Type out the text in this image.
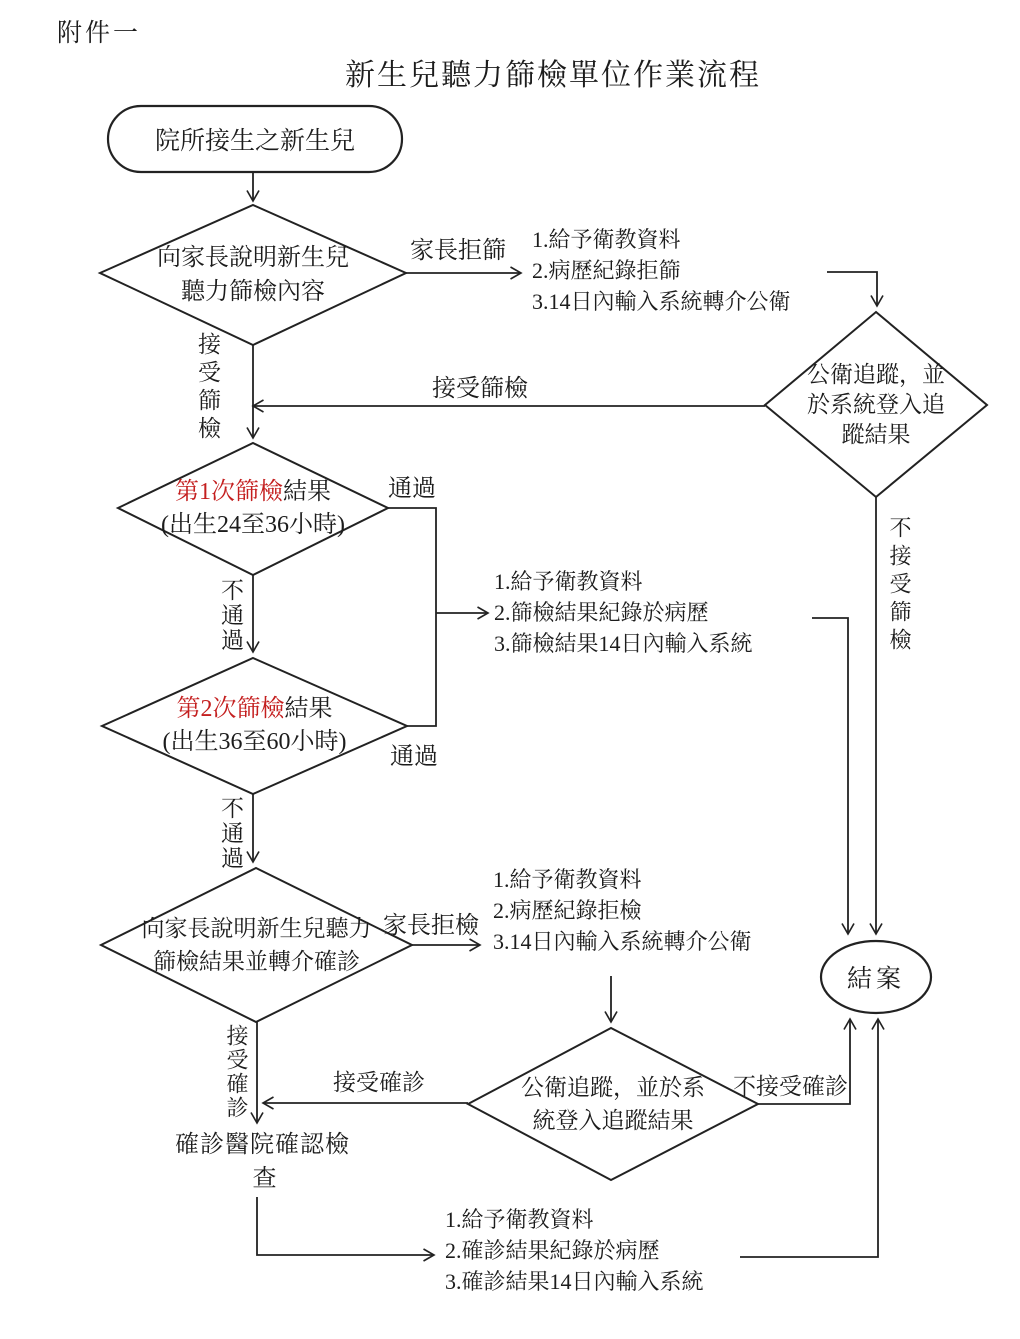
附件一
新生兒聽力篩檢單位作業流程
院所接生之新生兒
向家長說明新生兒
聽力篩檢內容
家長拒篩 1.給予衛教資料
2.病歷紀錄拒篩
3.14日內輸入系統轉介公衛
公衛追蹤，並
於系統登入追
蹤結果
接受篩檢
接受篩檢
第1次篩檢結果
(出生24至36小時)
通過
不通過	1.給予衛教資料
2.篩檢結果紀錄於病歷
3.篩檢結果14日內輸入系統	不接受篩檢
第2次篩檢結果
(出生36至60小時)
通過
不通過
向家長說明新生兒聽力
篩檢結果並轉介確診
家長拒檢
1.給予衛教資料
2.病歷紀錄拒檢
3.14日內輸入系統轉介公衛
結案
公衛追蹤，並於系
統登入追蹤結果
不接受確診
接受確診
接受確診
確診醫院確認檢
查
1.給予衛教資料
2.確診結果紀錄於病歷
3.確診結果14日內輸入系統
